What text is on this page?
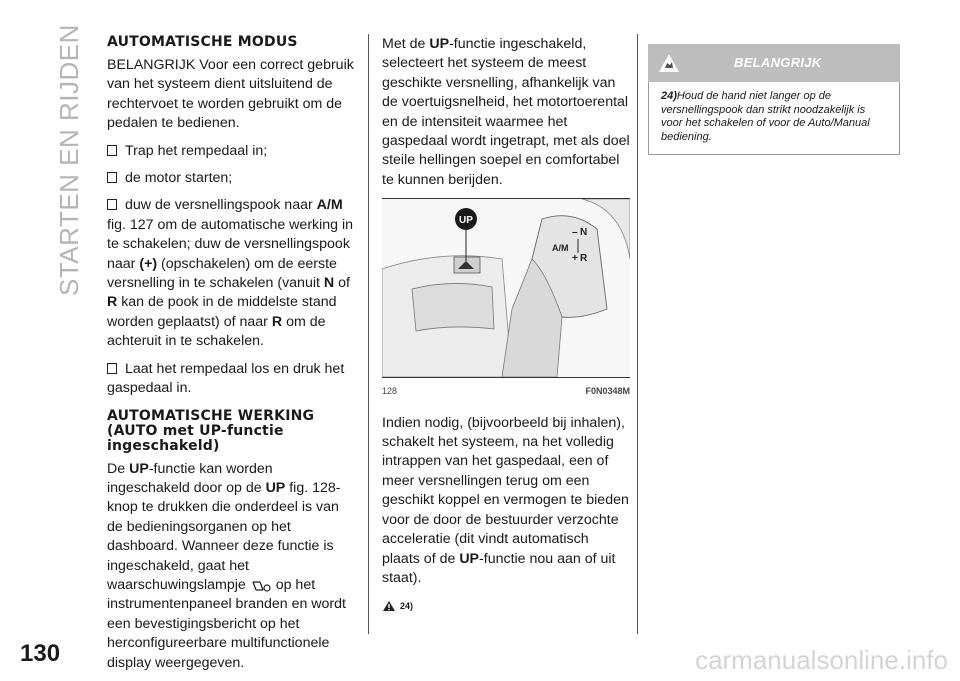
STARTEN EN RIJDEN
130	carmanualsonline.info
AUTOMATISCHE MODUS

BELANGRIJK Voor een correct gebruik van het systeem dient uitsluitend de rechtervoet te worden gebruikt om de pedalen te bedienen.

Trap het rempedaal in;

de motor starten;

duw de versnellingspook naar A/M fig. 127 om de automatische werking in te schakelen; duw de versnellingspook naar (+) (opschakelen) om de eerste versnelling in te schakelen (vanuit N of R kan de pook in de middelste stand worden geplaatst) of naar R om de achteruit in te schakelen.

Laat het rempedaal los en druk het gaspedaal in.

AUTOMATISCHE WERKING (AUTO met UP-functie ingeschakeld)

De UP-functie kan worden ingeschakeld door op de UP fig. 128-knop te drukken die onderdeel is van de bedieningsorganen op het dashboard. Wanneer deze functie is ingeschakeld, gaat het waarschuwingslampje op het instrumentenpaneel branden en wordt een bevestigingsbericht op het herconfigureerbare multifunctionele display weergegeven.

Met de UP-functie ingeschakeld, selecteert het systeem de meest geschikte versnelling, afhankelijk van de voertuigsnelheid, het motortoerental en de intensiteit waarmee het gaspedaal wordt ingetrapt, met als doel steile hellingen soepel en comfortabel te kunnen berijden.

UP
– N
A/M
+ R
128	F0N0348M

Indien nodig, (bijvoorbeeld bij inhalen), schakelt het systeem, na het volledig intrappen van het gaspedaal, een of meer versnellingen terug om een geschikt koppel en vermogen te bieden voor de door de bestuurder verzochte acceleratie (dit vindt automatisch plaats of de UP-functie nou aan of uit staat).

24)
BELANGRIJK
24)Houd de hand niet langer op de versnellingspook dan strikt noodzakelijk is voor het schakelen of voor de Auto/Manual bediening.
